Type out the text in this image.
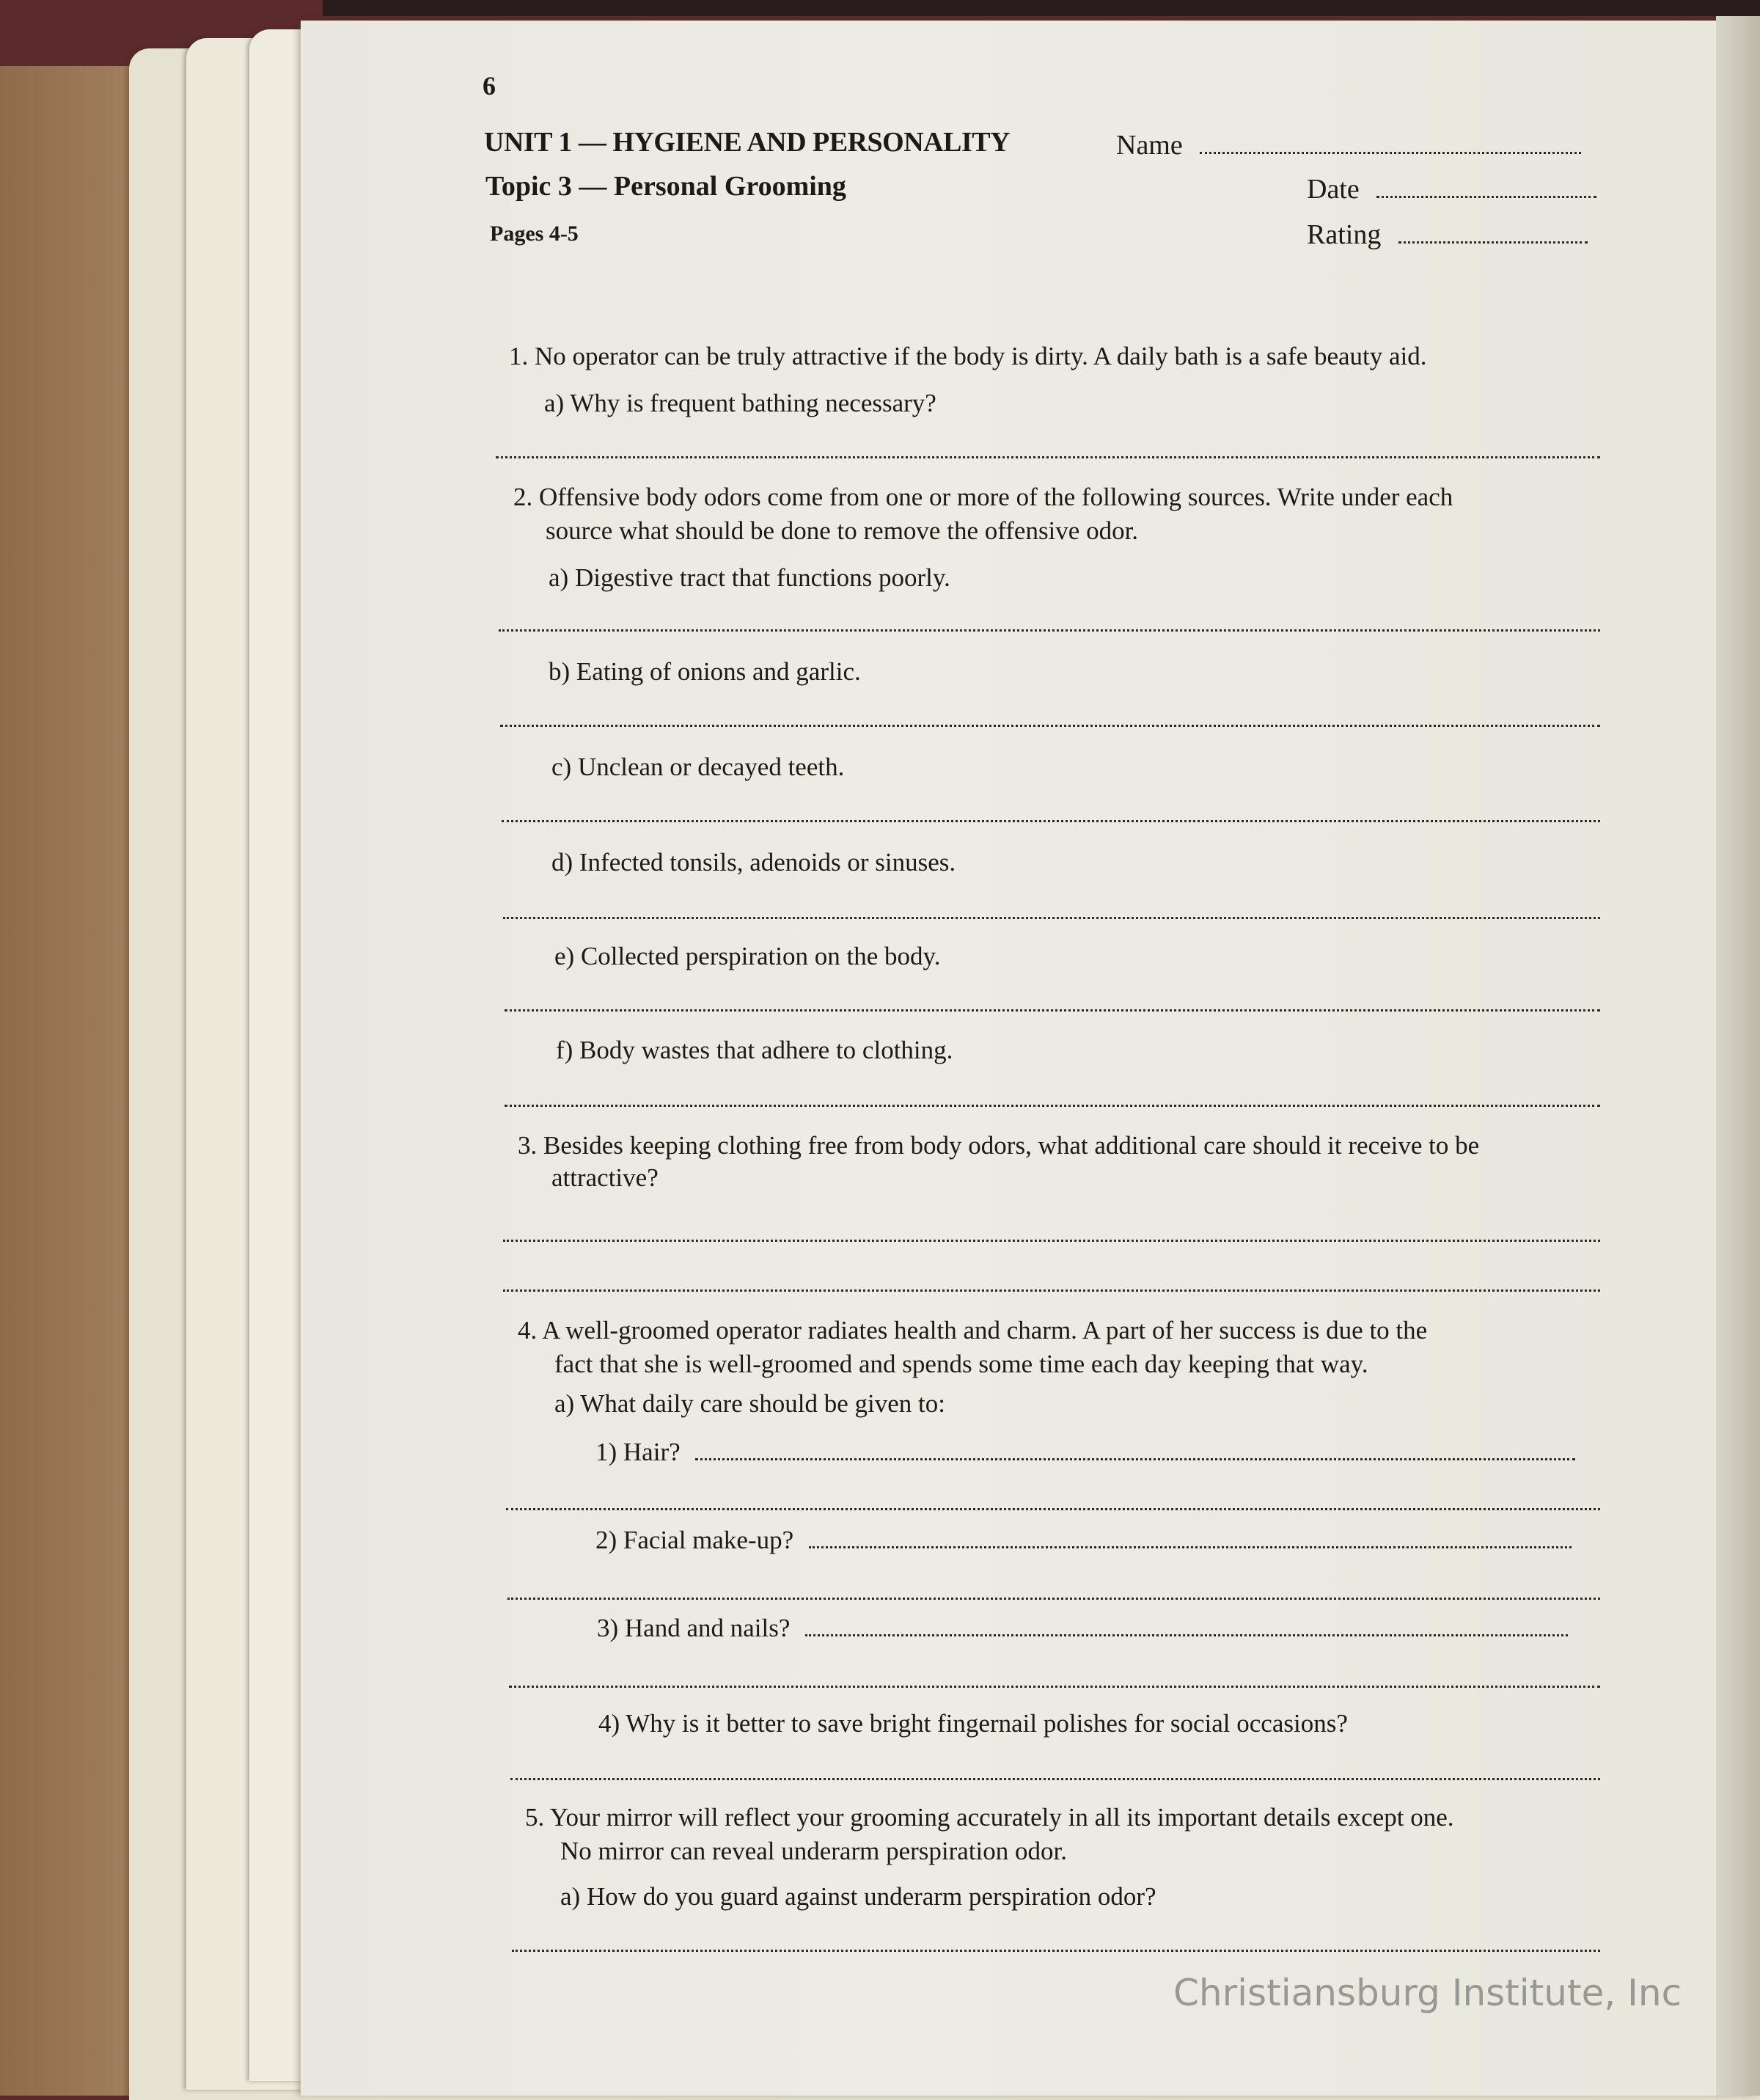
6
UNIT 1 — HYGIENE AND PERSONALITY
Topic 3 — Personal Grooming
Pages 4-5
Name
Date
Rating
1. No operator can be truly attractive if the body is dirty. A daily bath is a safe beauty aid.
a) Why is frequent bathing necessary?
2. Offensive body odors come from one or more of the following sources. Write under each
source what should be done to remove the offensive odor.
a) Digestive tract that functions poorly.
b) Eating of onions and garlic.
c) Unclean or decayed teeth.
d) Infected tonsils, adenoids or sinuses.
e) Collected perspiration on the body.
f) Body wastes that adhere to clothing.
3. Besides keeping clothing free from body odors, what additional care should it receive to be
attractive?
4. A well-groomed operator radiates health and charm. A part of her success is due to the
fact that she is well-groomed and spends some time each day keeping that way.
a) What daily care should be given to:
1) Hair?
2) Facial make-up?
3) Hand and nails?
4) Why is it better to save bright fingernail polishes for social occasions?
5. Your mirror will reflect your grooming accurately in all its important details except one.
No mirror can reveal underarm perspiration odor.
a) How do you guard against underarm perspiration odor?
Christiansburg Institute, Inc
